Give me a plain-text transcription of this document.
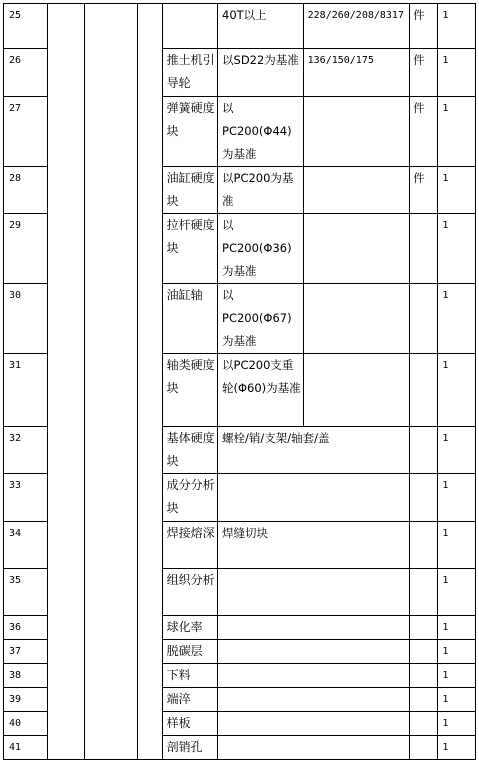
25					40T以上	228/260/208/8317	件	1
26				推土机引导轮	以SD22为基准	136/150/175	件	1
27				弹簧硬度块	以PC200(Φ44)为基准		件	1
28				油缸硬度块	以PC200为基准		件	1
29				拉杆硬度块	以PC200(Φ36)为基准			1
30				油缸轴	以PC200(Φ67)为基准			1
31				轴类硬度块	以PC200支重轮(Φ60)为基准			1
32				基体硬度块	螺栓/销/支架/轴套/盖			1
33				成分分析块				1
34				焊接熔深	焊缝切块			1
35				组织分析				1
36				球化率				1
37				脱碳层				1
38				下料				1
39				端淬				1
40				样板				1
41				剖销孔				1
